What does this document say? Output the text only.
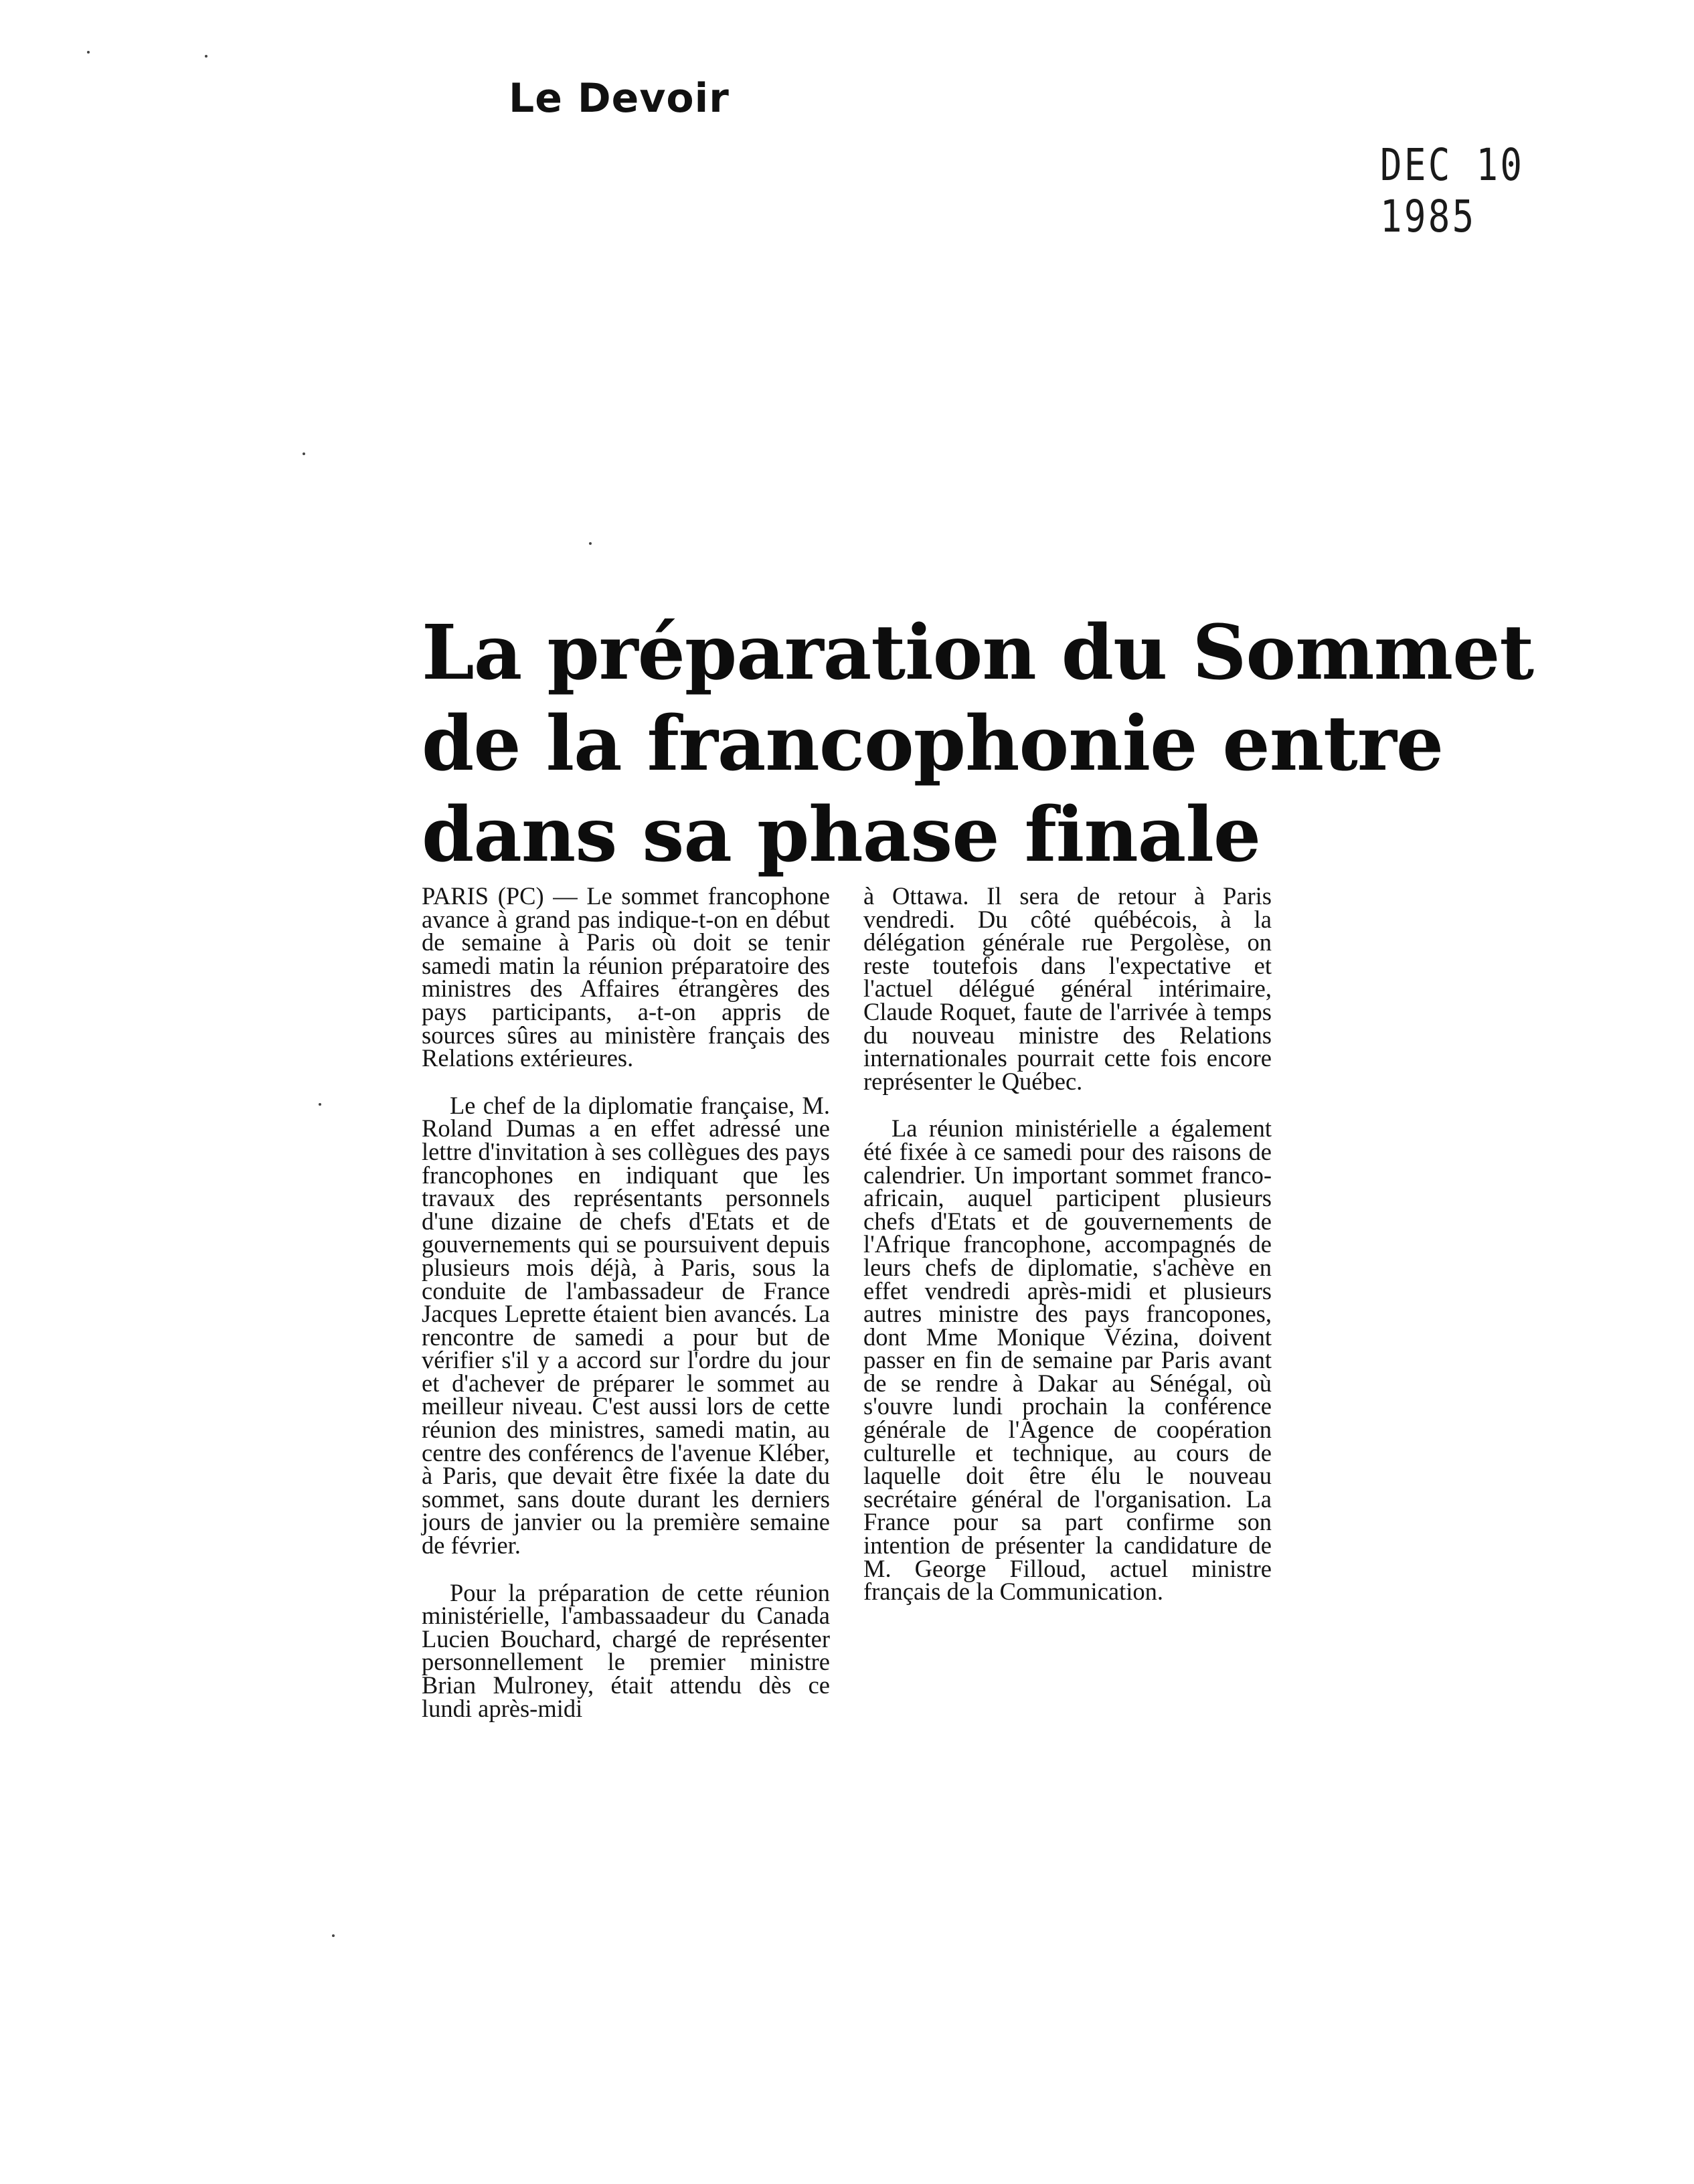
Le Devoir
DEC 10 1985
La préparation du Sommet
de la francophonie entre
dans sa phase finale

PARIS (PC) — Le sommet francophone avance à grand pas indique-t-on en début de semaine à Paris où doit se tenir samedi matin la réunion préparatoire des ministres des Affaires étrangères des pays participants, a-t-on appris de sources sûres au ministère français des Relations extérieures.

Le chef de la diplomatie française, M. Roland Dumas a en effet adressé une lettre d'invitation à ses collègues des pays francophones en indiquant que les travaux des représentants personnels d'une dizaine de chefs d'Etats et de gouvernements qui se poursuivent depuis plusieurs mois déjà, à Paris, sous la conduite de l'ambassadeur de France Jacques Leprette étaient bien avancés. La rencontre de samedi a pour but de vérifier s'il y a accord sur l'ordre du jour et d'achever de préparer le sommet au meilleur niveau. C'est aussi lors de cette réunion des ministres, samedi matin, au centre des conférencs de l'avenue Kléber, à Paris, que devait être fixée la date du sommet, sans doute durant les derniers jours de janvier ou la première semaine de février.

Pour la préparation de cette réunion ministérielle, l'ambassaadeur du Canada Lucien Bouchard, chargé de représenter personnellement le premier ministre Brian Mulroney, était attendu dès ce lundi après-midi

à Ottawa. Il sera de retour à Paris vendredi. Du côté québécois, à la délégation générale rue Pergolèse, on reste toutefois dans l'expectative et l'actuel délégué général intérimaire, Claude Roquet, faute de l'arrivée à temps du nouveau ministre des Relations internationales pourrait cette fois encore représenter le Québec.

La réunion ministérielle a également été fixée à ce samedi pour des raisons de calendrier. Un important sommet franco-africain, auquel participent plusieurs chefs d'Etats et de gouvernements de l'Afrique francophone, accompagnés de leurs chefs de diplomatie, s'achève en effet vendredi après-midi et plusieurs autres ministre des pays francopones, dont Mme Monique Vézina, doivent passer en fin de semaine par Paris avant de se rendre à Dakar au Sénégal, où s'ouvre lundi prochain la conférence générale de l'Agence de coopération culturelle et technique, au cours de laquelle doit être élu le nouveau secrétaire général de l'organisation. La France pour sa part confirme son intention de présenter la candidature de M. George Filloud, actuel ministre français de la Communication.
